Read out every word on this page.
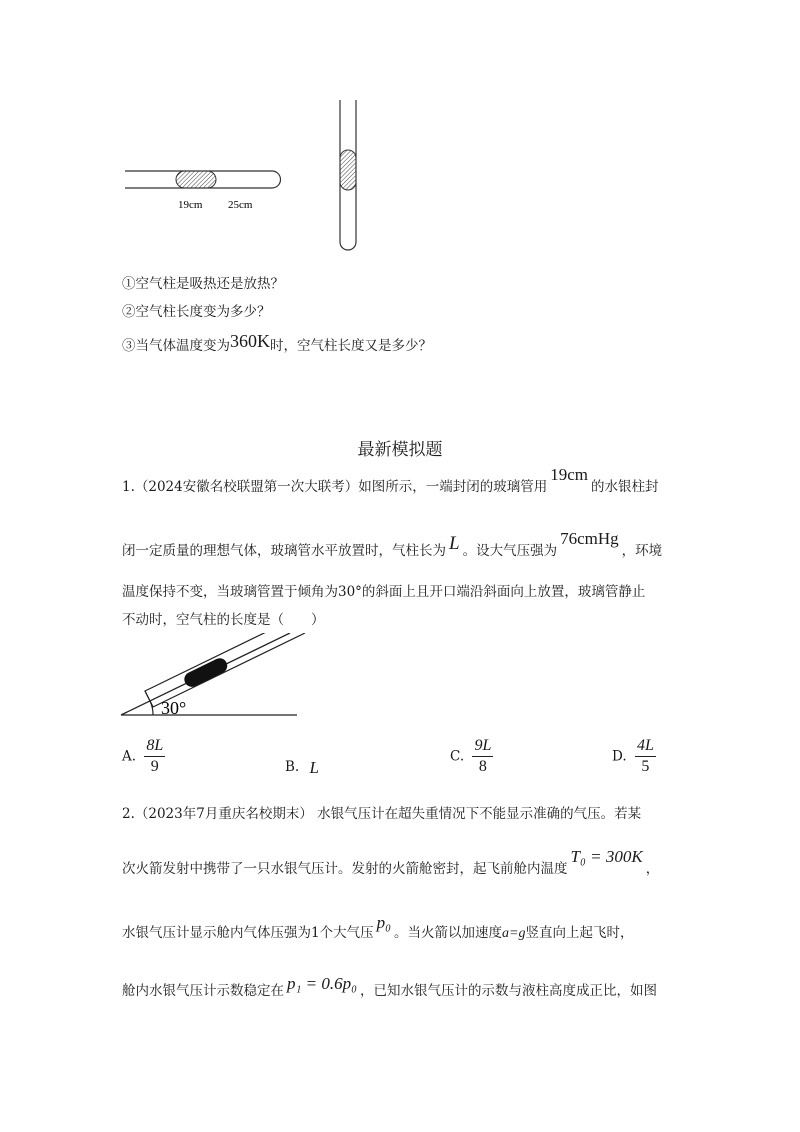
19cm 25cm
①空气柱是吸热还是放热？
②空气柱长度变为多少？
③当气体温度变为360K时，空气柱长度又是多少？
最新模拟题
1.（2024安徽名校联盟第一次大联考）如图所示，一端封闭的玻璃管用19cm的水银柱封
闭一定质量的理想气体，玻璃管水平放置时，气柱长为 L 。设大气压强为76cmHg，环境
温度保持不变，当玻璃管置于倾角为30°的斜面上且开口端沿斜面向上放置，玻璃管静止
不动时，空气柱的长度是（　　）
30°
A. $\frac{8L}{9}$	B. L
C. $\frac{9L}{8}$	D. $\frac{4L}{5}$
2.（2023年7月重庆名校期末） 水银气压计在超失重情况下不能显示准确的气压。若某
次火箭发射中携带了一只水银气压计。发射的火箭舱密封，起飞前舱内温度T₀ = 300K，
水银气压计显示舱内气体压强为1个大气压p₀。当火箭以加速度a=g竖直向上起飞时，
舱内水银气压计示数稳定在 p₁ = 0.6p₀ ，已知水银气压计的示数与液柱高度成正比，如图
